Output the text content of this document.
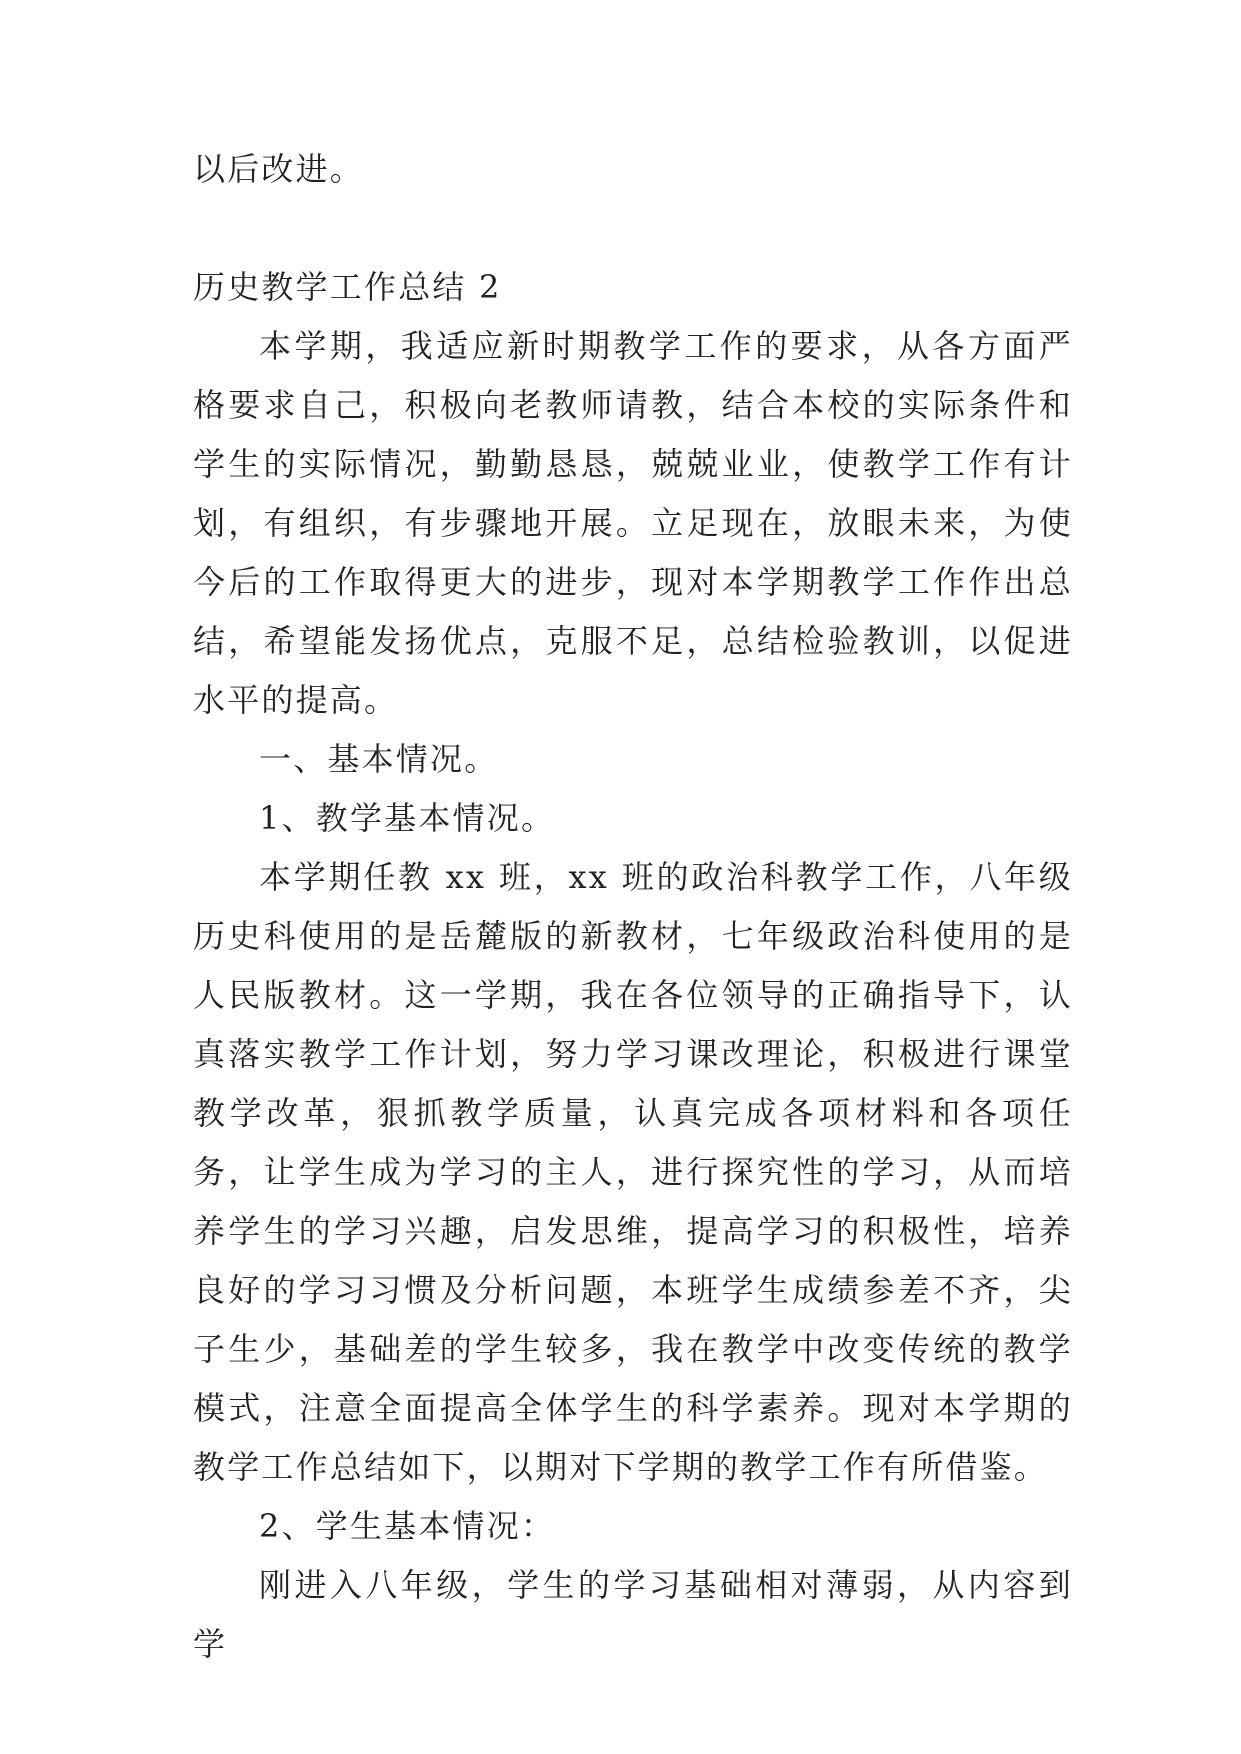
以后改进。

历史教学工作总结 2

本学期，我适应新时期教学工作的要求，从各方面严格要求自己，积极向老教师请教，结合本校的实际条件和学生的实际情况，勤勤恳恳，兢兢业业，使教学工作有计划，有组织，有步骤地开展。立足现在，放眼未来，为使今后的工作取得更大的进步，现对本学期教学工作作出总结，希望能发扬优点，克服不足，总结检验教训，以促进水平的提高。

一、基本情况。

1、教学基本情况。

本学期任教 xx 班，xx 班的政治科教学工作，八年级历史科使用的是岳麓版的新教材，七年级政治科使用的是人民版教材。这一学期，我在各位领导的正确指导下，认真落实教学工作计划，努力学习课改理论，积极进行课堂教学改革，狠抓教学质量，认真完成各项材料和各项任务，让学生成为学习的主人，进行探究性的学习，从而培养学生的学习兴趣，启发思维，提高学习的积极性，培养良好的学习习惯及分析问题，本班学生成绩参差不齐，尖子生少，基础差的学生较多，我在教学中改变传统的教学模式，注意全面提高全体学生的科学素养。现对本学期的教学工作总结如下，以期对下学期的教学工作有所借鉴。

2、学生基本情况：

刚进入八年级，学生的学习基础相对薄弱，从内容到学
